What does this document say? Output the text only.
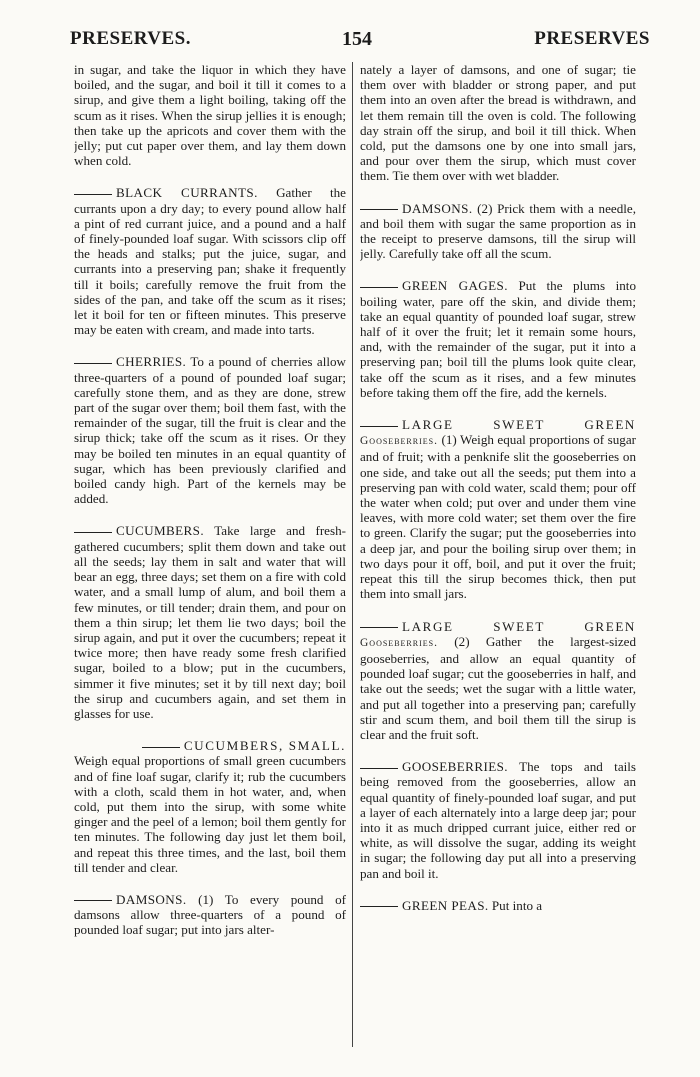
PRESERVES.	154	PRESERVES

in sugar, and take the liquor in which they have boiled, and the sugar, and boil it till it comes to a sirup, and give them a light boiling, taking off the scum as it rises. When the sirup jellies it is enough; then take up the apricots and cover them with the jelly; put cut paper over them, and lay them down when cold.

BLACK CURRANTS. Gather the currants upon a dry day; to every pound allow half a pint of red currant juice, and a pound and a half of finely-pounded loaf sugar. With scissors clip off the heads and stalks; put the juice, sugar, and currants into a preserving pan; shake it frequently till it boils; carefully remove the fruit from the sides of the pan, and take off the scum as it rises; let it boil for ten or fifteen minutes. This preserve may be eaten with cream, and made into tarts.

CHERRIES. To a pound of cherries allow three-quarters of a pound of pounded loaf sugar; carefully stone them, and as they are done, strew part of the sugar over them; boil them fast, with the remainder of the sugar, till the fruit is clear and the sirup thick; take off the scum as it rises. Or they may be boiled ten minutes in an equal quantity of sugar, which has been previously clarified and boiled candy high. Part of the kernels may be added.

CUCUMBERS. Take large and fresh-gathered cucumbers; split them down and take out all the seeds; lay them in salt and water that will bear an egg, three days; set them on a fire with cold water, and a small lump of alum, and boil them a few minutes, or till tender; drain them, and pour on them a thin sirup; let them lie two days; boil the sirup again, and put it over the cucumbers; repeat it twice more; then have ready some fresh clarified sugar, boiled to a blow; put in the cucumbers, simmer it five minutes; set it by till next day; boil the sirup and cucumbers again, and set them in glasses for use.

CUCUMBERS, SMALL.

Weigh equal proportions of small green cucumbers and of fine loaf sugar, clarify it; rub the cucumbers with a cloth, scald them in hot water, and, when cold, put them into the sirup, with some white ginger and the peel of a lemon; boil them gently for ten minutes. The following day just let them boil, and repeat this three times, and the last, boil them till tender and clear.

DAMSONS. (1) To every pound of damsons allow three-quarters of a pound of pounded loaf sugar; put into jars alter-

nately a layer of damsons, and one of sugar; tie them over with bladder or strong paper, and put them into an oven after the bread is withdrawn, and let them remain till the oven is cold. The following day strain off the sirup, and boil it till thick. When cold, put the damsons one by one into small jars, and pour over them the sirup, which must cover them. Tie them over with wet bladder.

DAMSONS. (2) Prick them with a needle, and boil them with sugar the same proportion as in the receipt to preserve damsons, till the sirup will jelly. Carefully take off all the scum.

GREEN GAGES. Put the plums into boiling water, pare off the skin, and divide them; take an equal quantity of pounded loaf sugar, strew half of it over the fruit; let it remain some hours, and, with the remainder of the sugar, put it into a preserving pan; boil till the plums look quite clear, take off the scum as it rises, and a few minutes before taking them off the fire, add the kernels.

LARGE SWEET GREEN Gooseberries. (1) Weigh equal proportions of sugar and of fruit; with a penknife slit the gooseberries on one side, and take out all the seeds; put them into a preserving pan with cold water, scald them; pour off the water when cold; put over and under them vine leaves, with more cold water; set them over the fire to green. Clarify the sugar; put the gooseberries into a deep jar, and pour the boiling sirup over them; in two days pour it off, boil, and put it over the fruit; repeat this till the sirup becomes thick, then put them into small jars.

LARGE SWEET GREEN Gooseberries. (2) Gather the largest-sized gooseberries, and allow an equal quantity of pounded loaf sugar; cut the gooseberries in half, and take out the seeds; wet the sugar with a little water, and put all together into a preserving pan; carefully stir and scum them, and boil them till the sirup is clear and the fruit soft.

GOOSEBERRIES. The tops and tails being removed from the gooseberries, allow an equal quantity of finely-pounded loaf sugar, and put a layer of each alternately into a large deep jar; pour into it as much dripped currant juice, either red or white, as will dissolve the sugar, adding its weight in sugar; the following day put all into a preserving pan and boil it.

GREEN PEAS. Put into a
